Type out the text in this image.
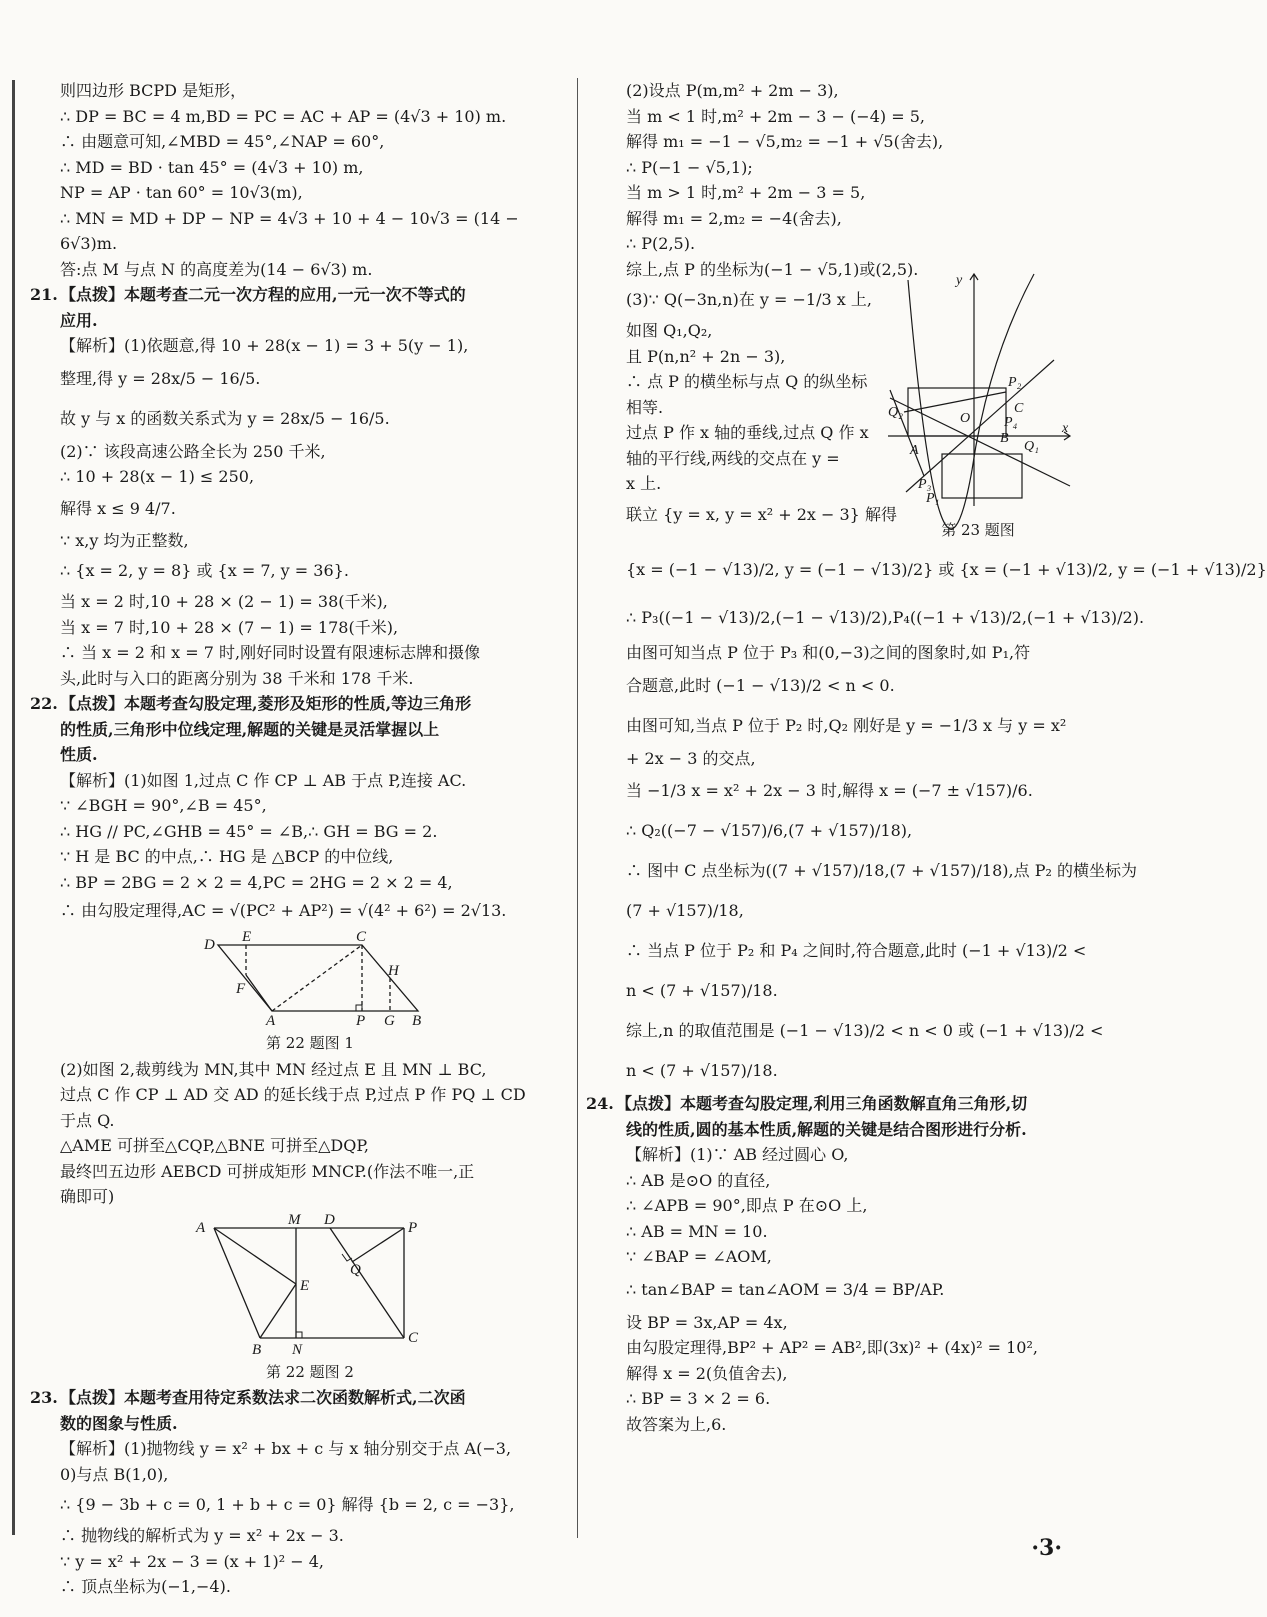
则四边形 BCPD 是矩形，
∴ DP = BC = 4 m,BD = PC = AC + AP = (4√3 + 10) m.
∴ 由题意可知,∠MBD = 45°,∠NAP = 60°,
∴ MD = BD · tan 45° = (4√3 + 10) m,
NP = AP · tan 60° = 10√3(m),
∴ MN = MD + DP − NP = 4√3 + 10 + 4 − 10√3 = (14 −
6√3)m.
答:点 M 与点 N 的高度差为(14 − 6√3) m.
21. 【点拨】本题考查二元一次方程的应用,一元一次不等式的
应用.
【解析】(1)依题意,得 10 + 28(x − 1) = 3 + 5(y − 1),
整理,得 y = 28x/5 − 16/5.
故 y 与 x 的函数关系式为 y = 28x/5 − 16/5.
(2)∵ 该段高速公路全长为 250 千米,
∴ 10 + 28(x − 1) ≤ 250,
解得 x ≤ 9 4/7.
∵ x,y 均为正整数,
∴ {x = 2, y = 8} 或 {x = 7, y = 36}.
当 x = 2 时,10 + 28 × (2 − 1) = 38(千米),
当 x = 7 时,10 + 28 × (7 − 1) = 178(千米),
∴ 当 x = 2 和 x = 7 时,刚好同时设置有限速标志牌和摄像
头,此时与入口的距离分别为 38 千米和 178 千米.
22. 【点拨】本题考查勾股定理,菱形及矩形的性质,等边三角形
的性质,三角形中位线定理,解题的关键是灵活掌握以上
性质.
【解析】(1)如图 1,过点 C 作 CP ⊥ AB 于点 P,连接 AC.
∵ ∠BGH = 90°,∠B = 45°,
∴ HG // PC,∠GHB = 45° = ∠B,∴ GH = BG = 2.
∵ H 是 BC 的中点,∴ HG 是 △BCP 的中位线,
∴ BP = 2BG = 2 × 2 = 4,PC = 2HG = 2 × 2 = 4,
∴ 由勾股定理得,AC = √(PC² + AP²) = √(4² + 6²) = 2√13.
D E	C
H
F
A	P G B
第 22 题图 1
(2)如图 2,裁剪线为 MN,其中 MN 经过点 E 且 MN ⊥ BC,
过点 C 作 CP ⊥ AD 交 AD 的延长线于点 P,过点 P 作 PQ ⊥ CD
于点 Q.
△AME 可拼至△CQP,△BNE 可拼至△DQP,
最终凹五边形 AEBCD 可拼成矩形 MNCP.(作法不唯一,正
确即可)
A	M D	P
Q
E
B N
C
第 22 题图 2
23. 【点拨】本题考查用待定系数法求二次函数解析式,二次函
数的图象与性质.
【解析】(1)抛物线 y = x² + bx + c 与 x 轴分别交于点 A(−3,
0)与点 B(1,0),
∴ {9 − 3b + c = 0, 1 + b + c = 0} 解得 {b = 2, c = −3},
∴ 抛物线的解析式为 y = x² + 2x − 3.
∵ y = x² + 2x − 3 = (x + 1)² − 4,
∴ 顶点坐标为(−1,−4).
(2)设点 P(m,m² + 2m − 3),
当 m < 1 时,m² + 2m − 3 − (−4) = 5,
解得 m₁ = −1 − √5,m₂ = −1 + √5(舍去),
∴ P(−1 − √5,1);
当 m > 1 时,m² + 2m − 3 = 5,
解得 m₁ = 2,m₂ = −4(舍去),
∴ P(2,5).
综上,点 P 的坐标为(−1 − √5,1)或(2,5).
(3)∵ Q(−3n,n)在 y = −1/3 x 上,
如图 Q₁,Q₂,
且 P(n,n² + 2n − 3),
∴ 点 P 的横坐标与点 Q 的纵坐标
相等.
过点 P 作 x 轴的垂线,过点 Q 作 x
轴的平行线,两线的交点在 y =
x 上.
联立 {y = x, y = x² + 2x − 3} 解得
y
x
Q₂	O
P₂
C
P₄
B
Q₁
A
P₃
P₁
第 23 题图
{x = (−1 − √13)/2, y = (−1 − √13)/2} 或 {x = (−1 + √13)/2, y = (−1 + √13)/2}
∴ P₃((−1 − √13)/2,(−1 − √13)/2),P₄((−1 + √13)/2,(−1 + √13)/2).
由图可知当点 P 位于 P₃ 和(0,−3)之间的图象时,如 P₁,符
合题意,此时 (−1 − √13)/2 < n < 0.
由图可知,当点 P 位于 P₂ 时,Q₂ 刚好是 y = −1/3 x 与 y = x²
+ 2x − 3 的交点,
当 −1/3 x = x² + 2x − 3 时,解得 x = (−7 ± √157)/6.
∴ Q₂((−7 − √157)/6,(7 + √157)/18),
∴ 图中 C 点坐标为((7 + √157)/18,(7 + √157)/18),点 P₂ 的横坐标为
(7 + √157)/18,
∴ 当点 P 位于 P₂ 和 P₄ 之间时,符合题意,此时 (−1 + √13)/2 <
n < (7 + √157)/18.
综上,n 的取值范围是 (−1 − √13)/2 < n < 0 或 (−1 + √13)/2 <
n < (7 + √157)/18.
24. 【点拨】本题考查勾股定理,利用三角函数解直角三角形,切
线的性质,圆的基本性质,解题的关键是结合图形进行分析.
【解析】(1)∵ AB 经过圆心 O,
∴ AB 是⊙O 的直径,
∴ ∠APB = 90°,即点 P 在⊙O 上,
∴ AB = MN = 10.
∵ ∠BAP = ∠AOM,
∴ tan∠BAP = tan∠AOM = 3/4 = BP/AP.
设 BP = 3x,AP = 4x,
由勾股定理得,BP² + AP² = AB²,即(3x)² + (4x)² = 10²,
解得 x = 2(负值舍去),
∴ BP = 3 × 2 = 6.
故答案为上,6.
·3·
